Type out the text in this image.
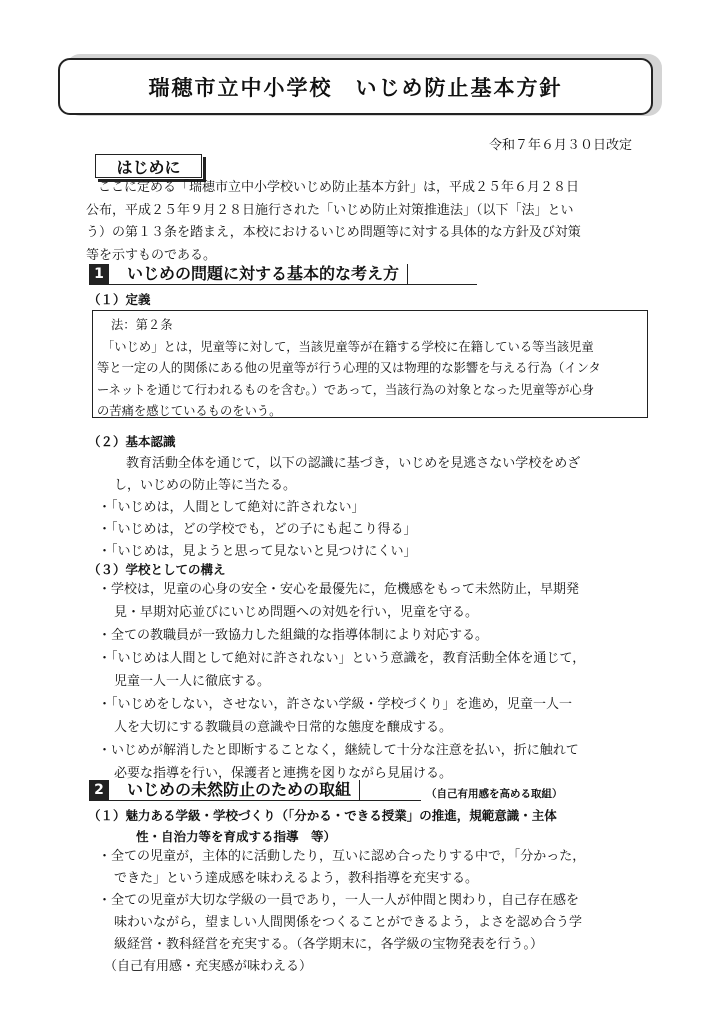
瑞穂市立中小学校　いじめ防止基本方針
令和７年６月３０日改定
はじめに
ここに定める「瑞穂市立中小学校いじめ防止基本方針」は，平成２５年６月２８日
公布，平成２５年９月２８日施行された「いじめ防止対策推進法」（以下「法」とい
う）の第１３条を踏まえ，本校におけるいじめ問題等に対する具体的な方針及び対策
等を示すものである。
1	いじめの問題に対する基本的な考え方
（１）定義
法：第２条
「いじめ」とは，児童等に対して，当該児童等が在籍する学校に在籍している等当該児童
等と一定の人的関係にある他の児童等が行う心理的又は物理的な影響を与える行為（インタ
ーネットを通じて行われるものを含む。）であって，当該行為の対象となった児童等が心身
の苦痛を感じているものをいう。
（２）基本認識
教育活動全体を通じて，以下の認識に基づき，いじめを見逃さない学校をめざ
し，いじめの防止等に当たる。
・「いじめは，人間として絶対に許されない」
・「いじめは，どの学校でも，どの子にも起こり得る」
・「いじめは，見ようと思って見ないと見つけにくい」
（３）学校としての構え
・学校は，児童の心身の安全・安心を最優先に，危機感をもって未然防止，早期発
見・早期対応並びにいじめ問題への対処を行い，児童を守る。
・全ての教職員が一致協力した組織的な指導体制により対応する。
・「いじめは人間として絶対に許されない」という意識を，教育活動全体を通じて，
児童一人一人に徹底する。
・「いじめをしない，させない，許さない学級・学校づくり」を進め，児童一人一
人を大切にする教職員の意識や日常的な態度を醸成する。
・いじめが解消したと即断することなく，継続して十分な注意を払い，折に触れて
必要な指導を行い，保護者と連携を図りながら見届ける。
2	いじめの未然防止のための取組	（自己有用感を高める取組）
（１）魅力ある学級・学校づくり（「分かる・できる授業」の推進，規範意識・主体
性・自治力等を育成する指導　等）
・全ての児童が，主体的に活動したり，互いに認め合ったりする中で，「分かった，
できた」という達成感を味わえるよう，教科指導を充実する。
・全ての児童が大切な学級の一員であり，一人一人が仲間と関わり，自己存在感を
味わいながら，望ましい人間関係をつくることができるよう，よさを認め合う学
級経営・教科経営を充実する。（各学期末に，各学級の宝物発表を行う。）
（自己有用感・充実感が味わえる）
